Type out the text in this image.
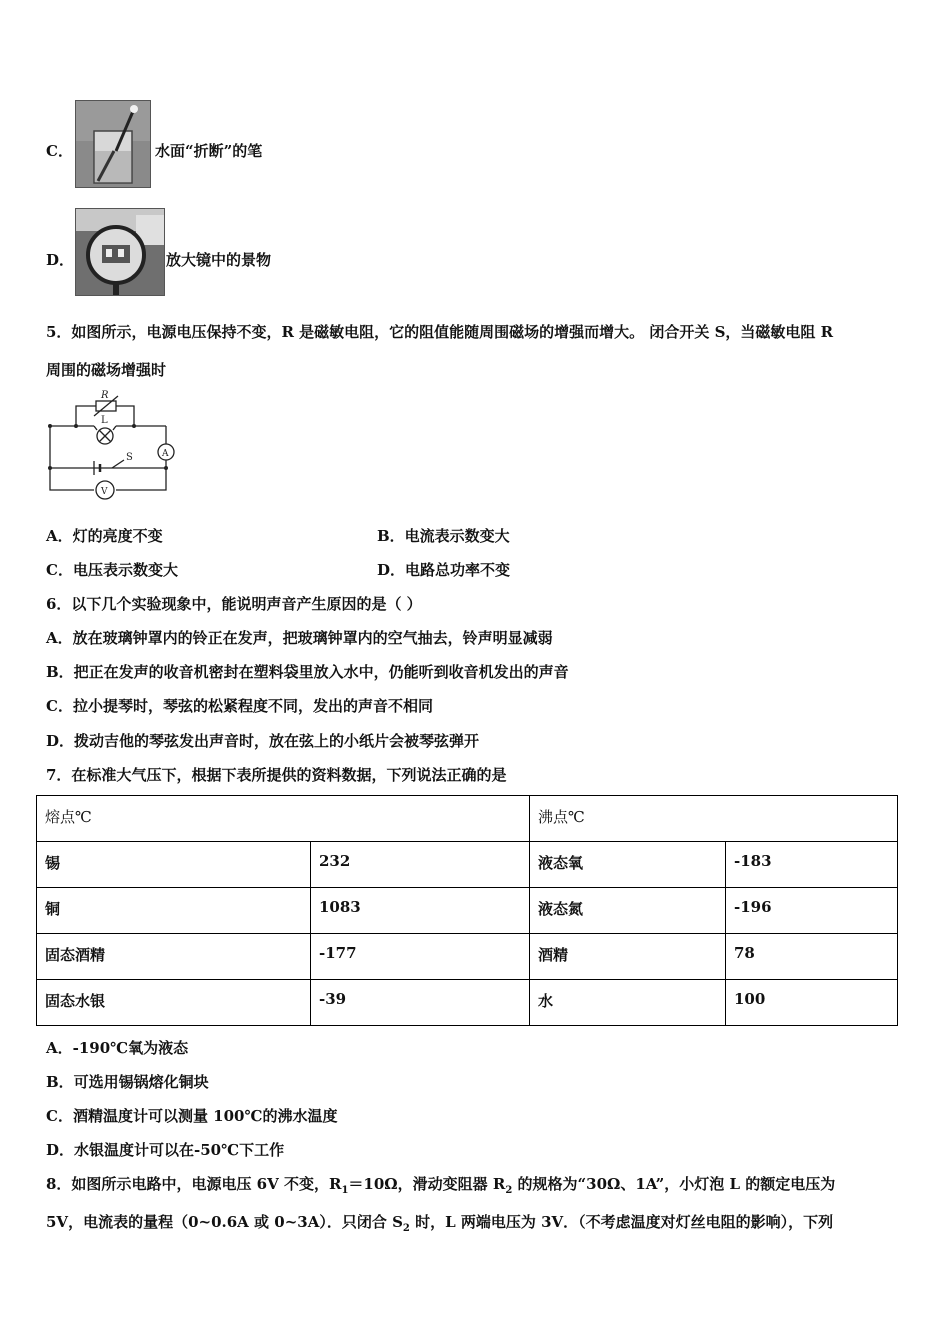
C．	水面“折断”的笔
D．	放大镜中的景物
5．如图所示，电源电压保持不变，R 是磁敏电阻，它的阻值能随周围磁场的增强而增大。 闭合开关 S，当磁敏电阻 R
周围的磁场增强时
R
L
S	A
V
A．灯的亮度不变	B．电流表示数变大
C．电压表示数变大	D．电路总功率不变
6．以下几个实验现象中，能说明声音产生原因的是（ ）
A．放在玻璃钟罩内的铃正在发声，把玻璃钟罩内的空气抽去，铃声明显减弱
B．把正在发声的收音机密封在塑料袋里放入水中，仍能听到收音机发出的声音
C．拉小提琴时，琴弦的松紧程度不同，发出的声音不相同
D．拨动吉他的琴弦发出声音时，放在弦上的小纸片会被琴弦弹开
7．在标准大气压下，根据下表所提供的资料数据，下列说法正确的是
熔点℃		沸点℃	
锡	232	液态氧	-183
铜	1083	液态氮	-196
固态酒精	-177	酒精	78
固态水银	-39	水	100
A．-190℃氧为液态
B．可选用锡锅熔化铜块
C．酒精温度计可以测量 100℃的沸水温度
D．水银温度计可以在-50℃下工作
8．如图所示电路中，电源电压 6V 不变，$R_1=10\Omega$，滑动变阻器 $R_2$ 的规格为“30Ω、1A”，小灯泡 L 的额定电压为
5V，电流表的量程（0~0.6A 或 0~3A）．只闭合 $S_2$ 时，L 两端电压为 3V．（不考虑温度对灯丝电阻的影响），下列
